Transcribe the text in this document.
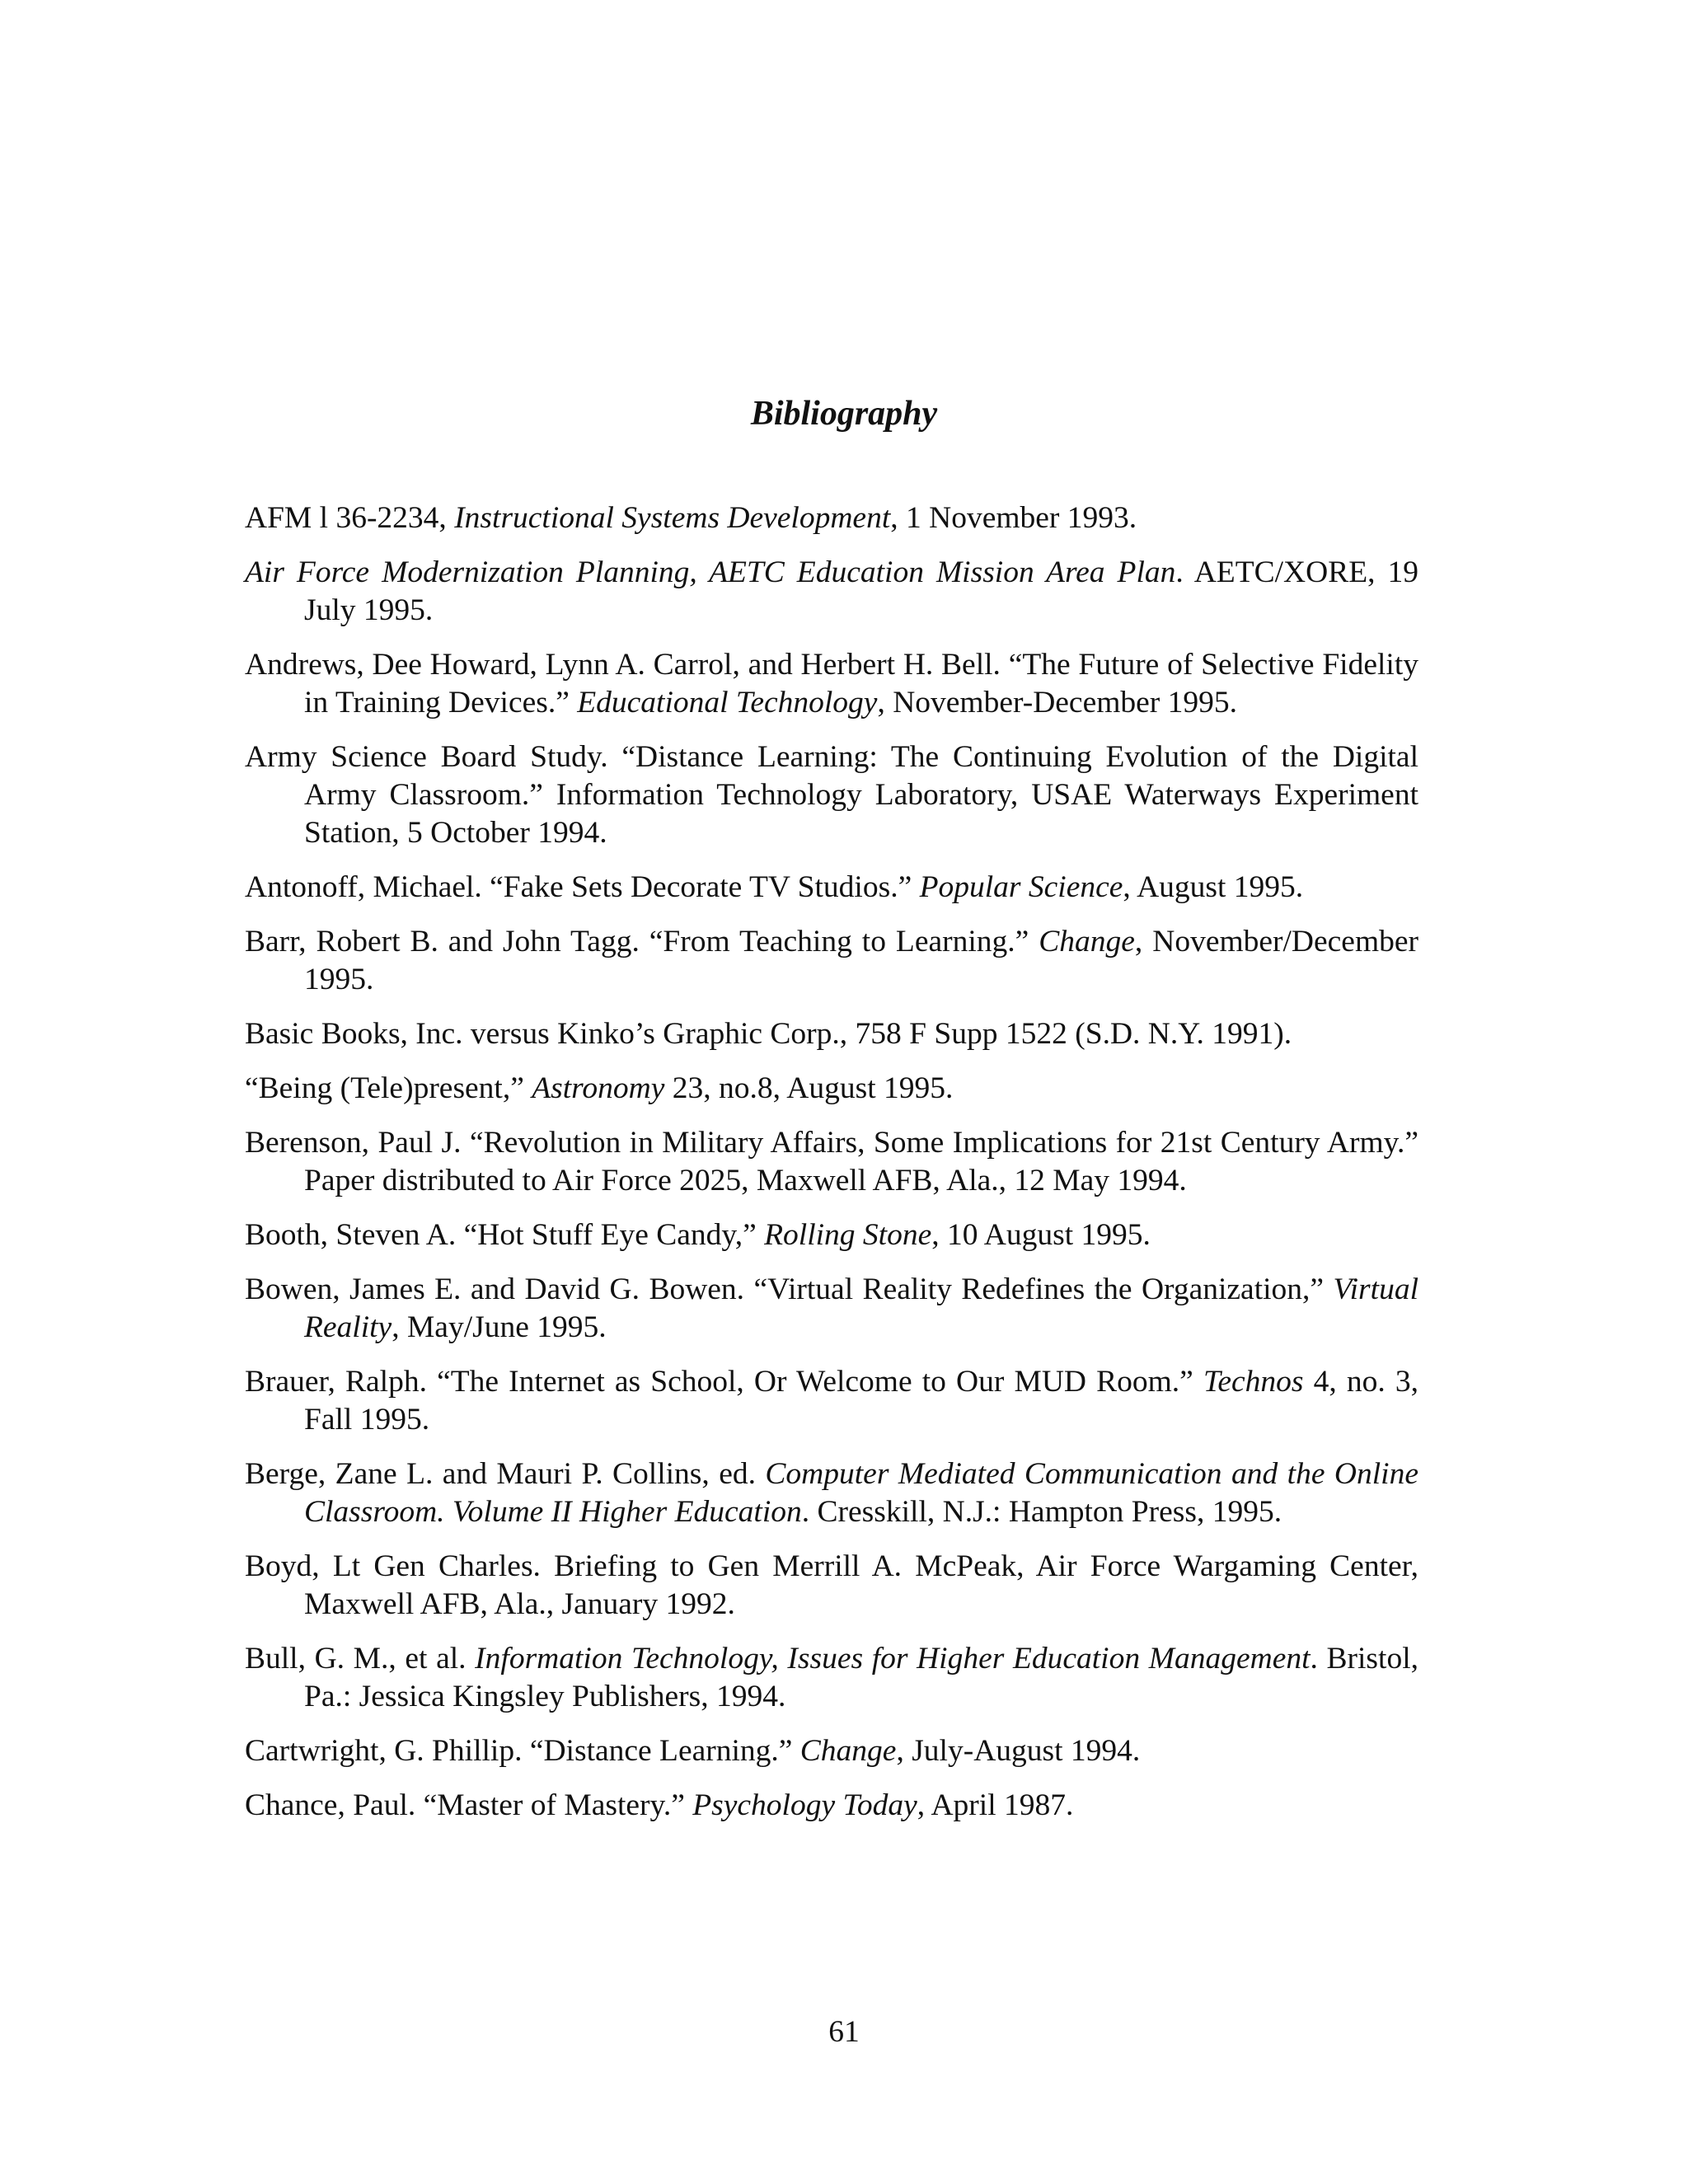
Bibliography

AFM l 36-2234, Instructional Systems Development, 1 November 1993.

Air Force Modernization Planning, AETC Education Mission Area Plan. AETC/XORE, 19 July 1995.

Andrews, Dee Howard, Lynn A. Carrol, and Herbert H. Bell. “The Future of Selective Fidelity in Training Devices.” Educational Technology, November-December 1995.

Army Science Board Study. “Distance Learning: The Continuing Evolution of the Digital Army Classroom.” Information Technology Laboratory, USAE Waterways Experiment Station, 5 October 1994.

Antonoff, Michael. “Fake Sets Decorate TV Studios.” Popular Science, August 1995.

Barr, Robert B. and John Tagg. “From Teaching to Learning.” Change, November/December 1995.

Basic Books, Inc. versus Kinko’s Graphic Corp., 758 F Supp 1522 (S.D. N.Y. 1991).

“Being (Tele)present,” Astronomy 23, no.8, August 1995.

Berenson, Paul J. “Revolution in Military Affairs, Some Implications for 21st Century Army.” Paper distributed to Air Force 2025, Maxwell AFB, Ala., 12 May 1994.

Booth, Steven A. “Hot Stuff Eye Candy,” Rolling Stone, 10 August 1995.

Bowen, James E. and David G. Bowen. “Virtual Reality Redefines the Organization,” Virtual Reality, May/June 1995.

Brauer, Ralph. “The Internet as School, Or Welcome to Our MUD Room.” Technos 4, no. 3, Fall 1995.

Berge, Zane L. and Mauri P. Collins, ed. Computer Mediated Communication and the Online Classroom. Volume II Higher Education. Cresskill, N.J.: Hampton Press, 1995.

Boyd, Lt Gen Charles. Briefing to Gen Merrill A. McPeak, Air Force Wargaming Center, Maxwell AFB, Ala., January 1992.

Bull, G. M., et al. Information Technology, Issues for Higher Education Management. Bristol, Pa.: Jessica Kingsley Publishers, 1994.

Cartwright, G. Phillip. “Distance Learning.” Change, July-August 1994.

Chance, Paul. “Master of Mastery.” Psychology Today, April 1987.

61
